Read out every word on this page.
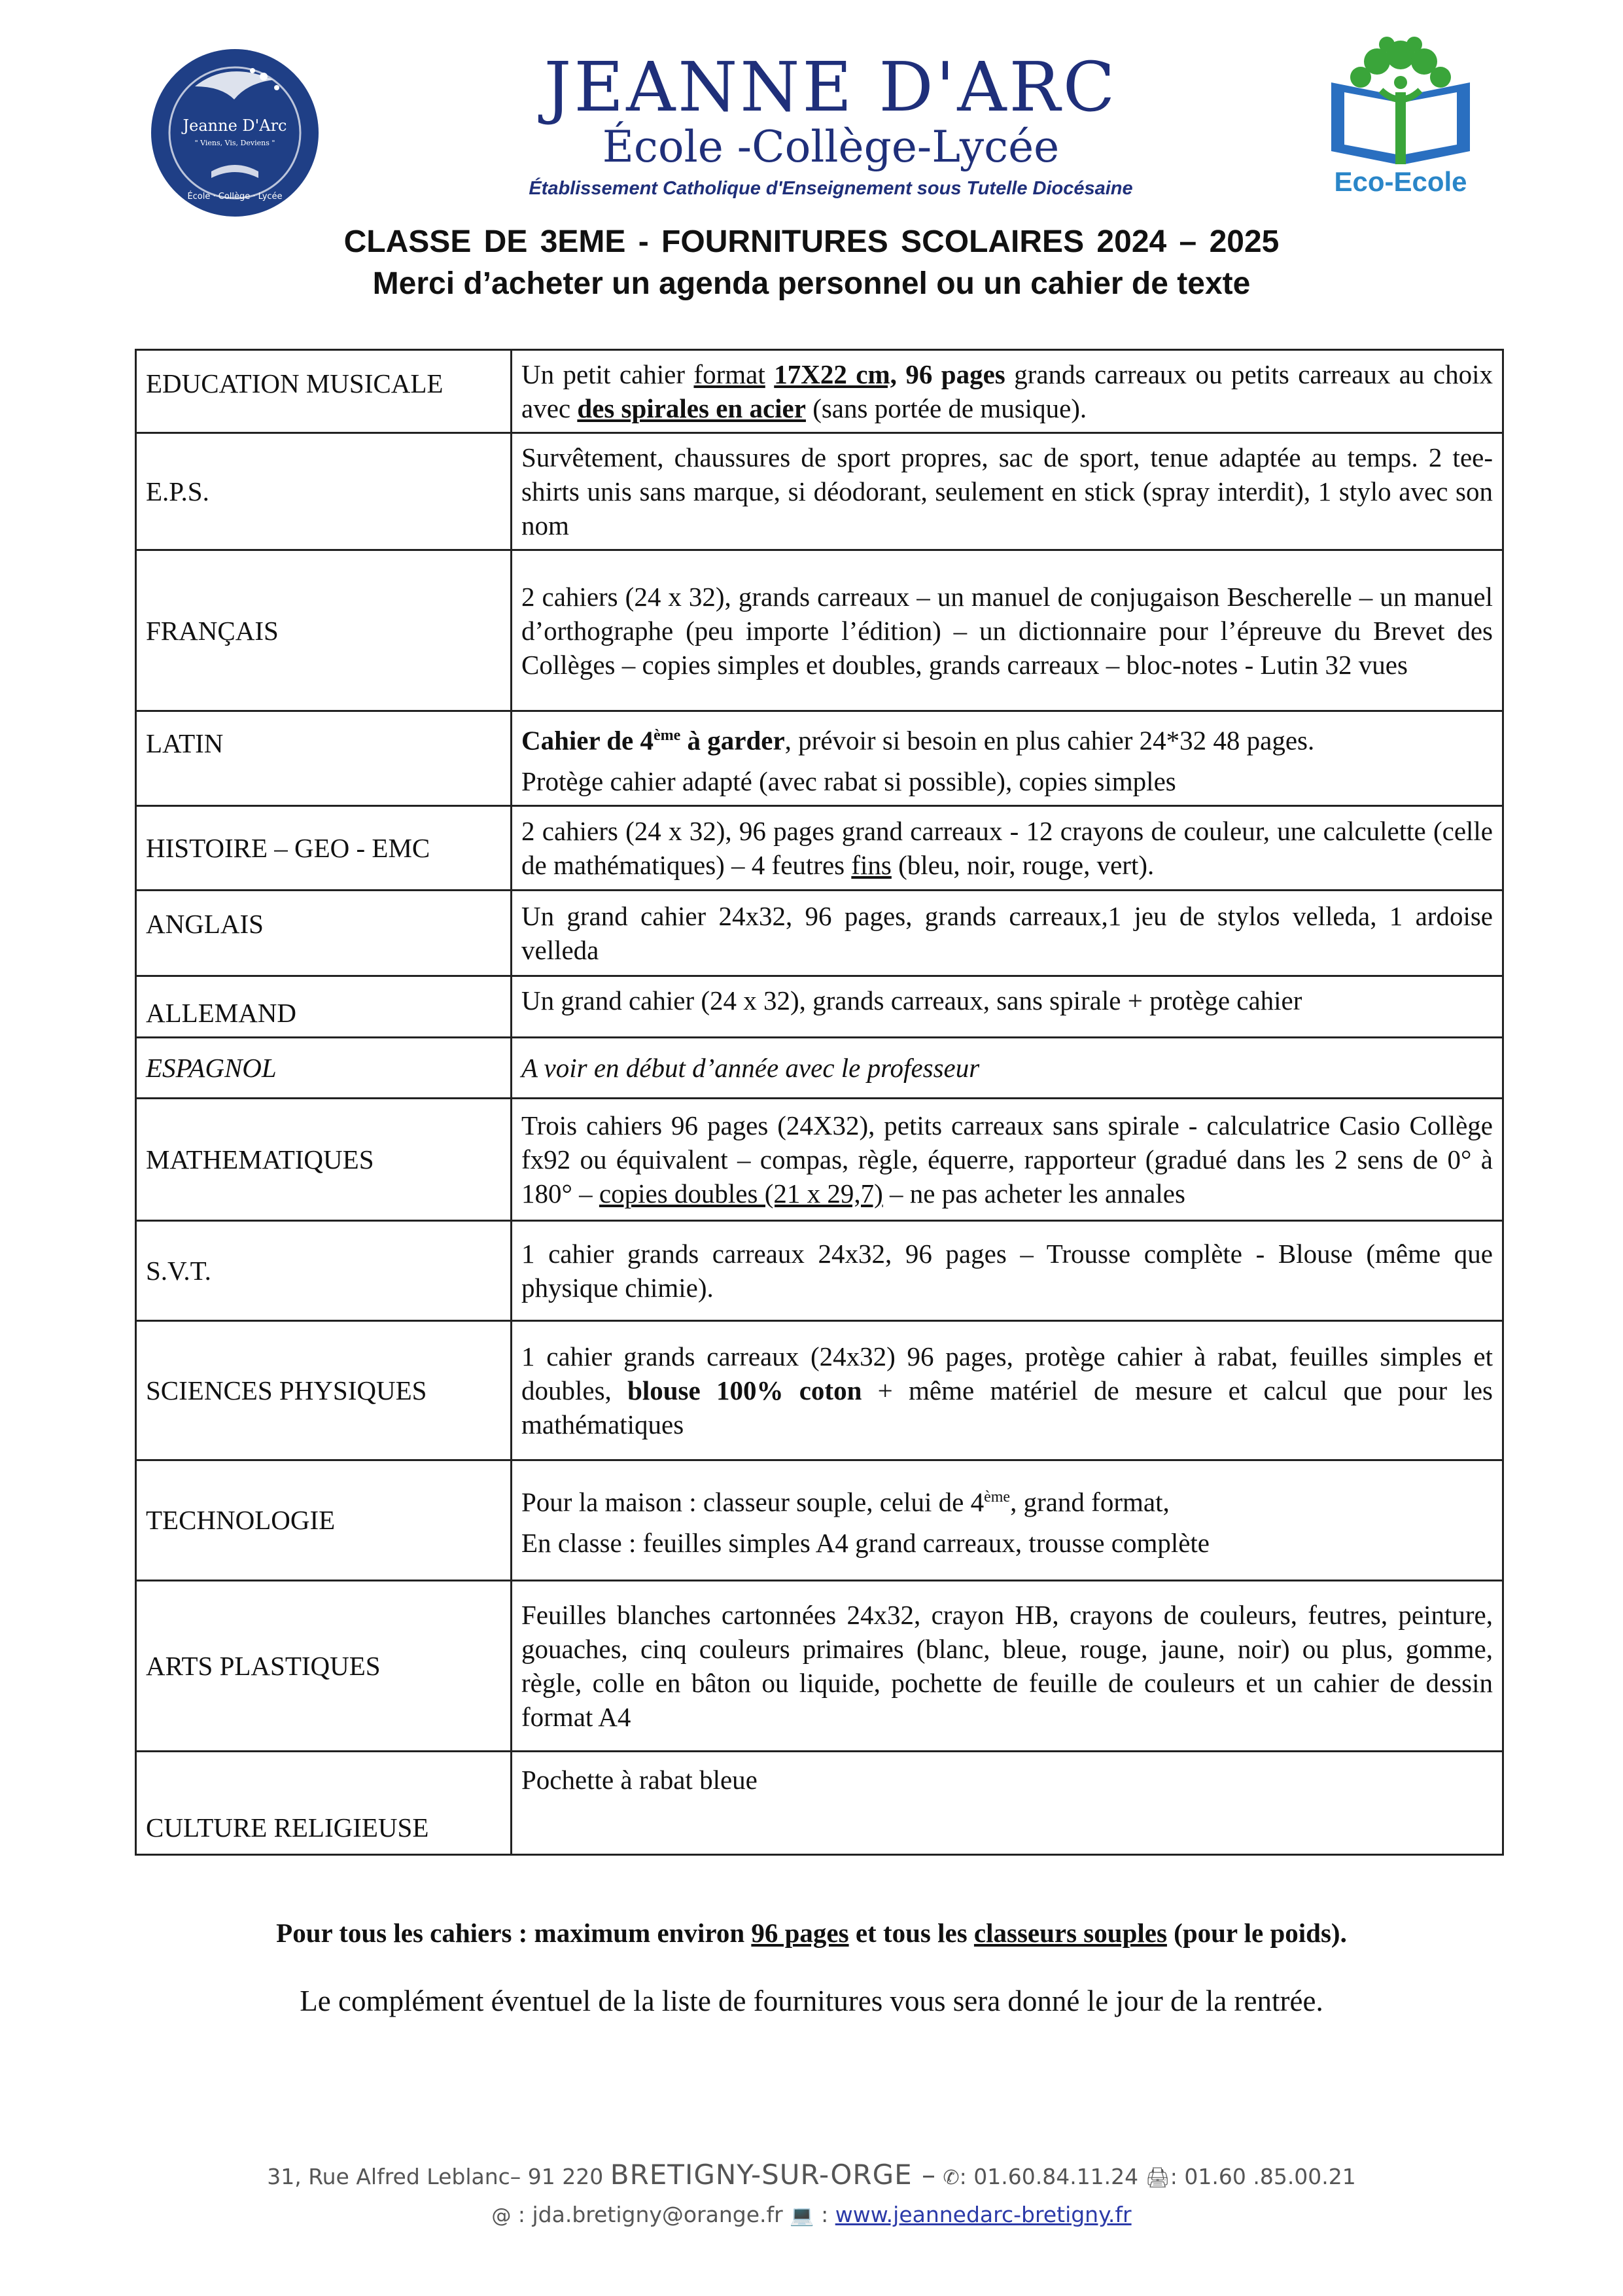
Jeanne D'Arc
" Viens, Vis, Deviens "
École · Collège · Lycée
JEANNE D'ARC
École -Collège-Lycée
Établissement Catholique d'Enseignement sous Tutelle Diocésaine	Eco-Ecole
CLASSE DE 3EME - FOURNITURES SCOLAIRES 2024 – 2025
Merci d’acheter un agenda personnel ou un cahier de texte
EDUCATION MUSICALE	Un petit cahier format 17X22 cm, 96 pages grands carreaux ou petits carreaux au choix avec des spirales en acier (sans portée de musique).
E.P.S.	Survêtement, chaussures de sport propres, sac de sport, tenue adaptée au temps. 2 tee-shirts unis sans marque, si déodorant, seulement en stick (spray interdit), 1 stylo avec son nom
FRANÇAIS	2 cahiers (24 x 32), grands carreaux – un manuel de conjugaison Bescherelle – un manuel d’orthographe (peu importe l’édition) – un dictionnaire pour l’épreuve du Brevet des Collèges – copies simples et doubles, grands carreaux – bloc-notes - Lutin 32 vues
LATIN	Cahier de 4ème à garder, prévoir si besoin en plus cahier 24*32 48 pages.
Protège cahier adapté (avec rabat si possible), copies simples

HISTOIRE – GEO - EMC	2 cahiers (24 x 32), 96 pages grand carreaux - 12 crayons de couleur, une calculette (celle de mathématiques) – 4 feutres fins (bleu, noir, rouge, vert).
ANGLAIS	Un grand cahier 24x32, 96 pages, grands carreaux,1 jeu de stylos velleda, 1 ardoise velleda
ALLEMAND	Un grand cahier (24 x 32), grands carreaux, sans spirale + protège cahier
ESPAGNOL	A voir en début d’année avec le professeur
MATHEMATIQUES	Trois cahiers 96 pages (24X32), petits carreaux sans spirale - calculatrice Casio Collège fx92 ou équivalent – compas, règle, équerre, rapporteur (gradué dans les 2 sens de 0° à 180° – copies doubles (21 x 29,7) – ne pas acheter les annales
S.V.T.	1 cahier grands carreaux 24x32, 96 pages – Trousse complète - Blouse (même que physique chimie).
SCIENCES PHYSIQUES	1 cahier grands carreaux (24x32) 96 pages, protège cahier à rabat, feuilles simples et doubles, blouse 100% coton + même matériel de mesure et calcul que pour les mathématiques
TECHNOLOGIE	Pour la maison : classeur souple, celui de 4ème, grand format,
En classe : feuilles simples A4 grand carreaux, trousse complète

ARTS PLASTIQUES	Feuilles blanches cartonnées 24x32, crayon HB, crayons de couleurs, feutres, peinture, gouaches, cinq couleurs primaires (blanc, bleue, rouge, jaune, noir) ou plus, gomme, règle, colle en bâton ou liquide, pochette de feuille de couleurs et un cahier de dessin format A4
CULTURE RELIGIEUSE	Pochette à rabat bleue
Pour tous les cahiers : maximum environ 96 pages et tous les classeurs souples (pour le poids).
Le complément éventuel de la liste de fournitures vous sera donné le jour de la rentrée.
31, Rue Alfred Leblanc– 91 220 BRETIGNY-SUR-ORGE – ✆: 01.60.84.11.24 🖨: 01.60 .85.00.21
@ : jda.bretigny@orange.fr 💻 : www.jeannedarc-bretigny.fr
